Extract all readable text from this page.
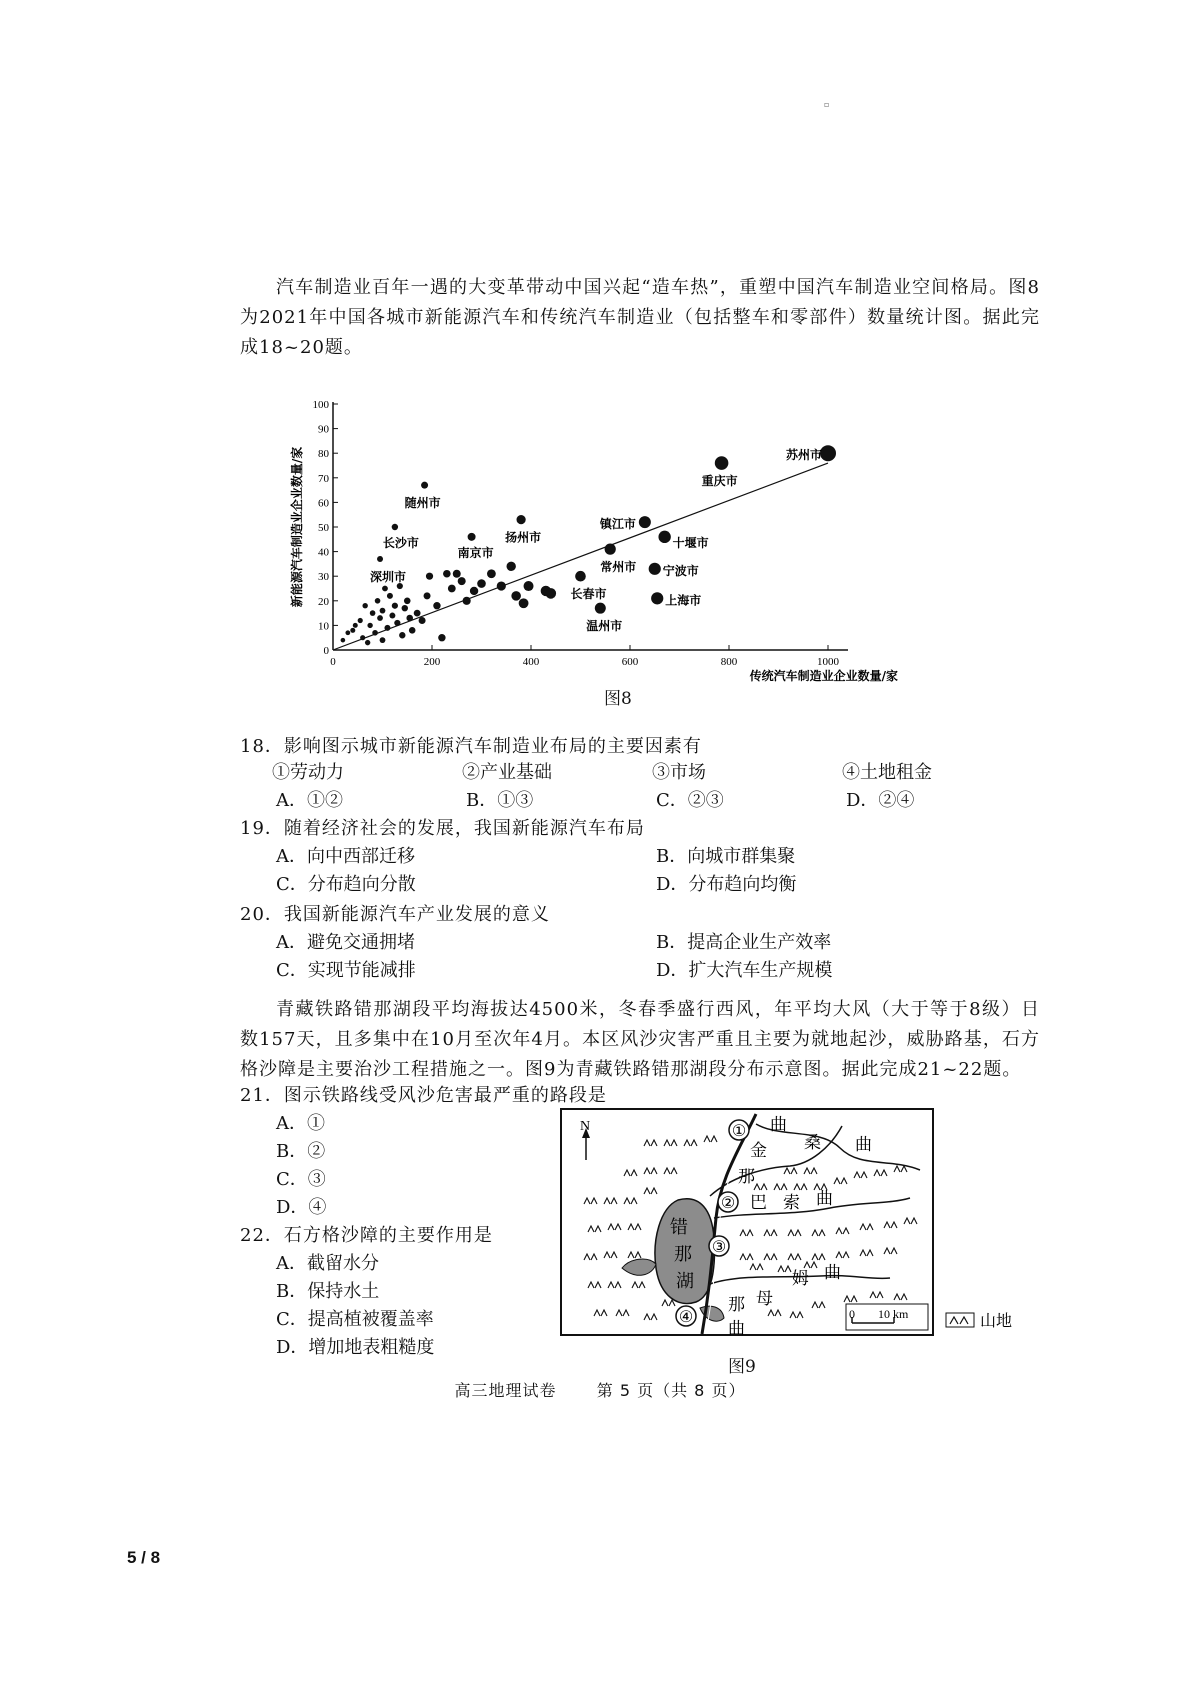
▫
汽车制造业百年一遇的大变革带动中国兴起“造车热”，重塑中国汽车制造业空间格局。图8为2021年中国各城市新能源汽车和传统汽车制造业（包括整车和零部件）数量统计图。据此完成18~20题。
0
10
20
30
40
50
60
70
80
90
100
0	200	400	600	800	1000
传统汽车制造业企业数量/家
新能源汽车制造业企业数量/家	苏州市
重庆市
随州市
扬州市
镇江市
长沙市	十堰市
南京市
常州市
深圳市	宁波市
长春市	上海市
温州市
图8
18．影响图示城市新能源汽车制造业布局的主要因素有
①劳动力	②产业基础	③市场	④土地租金
A．①②	B．①③	C．②③	D．②④
19．随着经济社会的发展，我国新能源汽车布局
A．向中西部迁移	B．向城市群集聚
C．分布趋向分散	D．分布趋向均衡
20．我国新能源汽车产业发展的意义
A．避免交通拥堵	B．提高企业生产效率
C．实现节能减排	D．扩大汽车生产规模
青藏铁路错那湖段平均海拔达4500米，冬春季盛行西风，年平均大风（大于等于8级）日数157天，且多集中在10月至次年4月。本区风沙灾害严重且主要为就地起沙，威胁路基，石方格沙障是主要治沙工程措施之一。图9为青藏铁路错那湖段分布示意图。据此完成21~22题。
21．图示铁路线受风沙危害最严重的路段是
A．①
B．②
C．③
D．④
22．石方格沙障的主要作用是
A．截留水分
B．保持水土
C．提高植被覆盖率
D．增加地表粗糙度
N
错
那
湖
曲
金 桑 曲
那
巴 索 曲
母
姆 曲
那
曲
①
②
③
④	0 10 km	山地
图9
高三地理试卷	第 5 页（共 8 页）
5 / 8
